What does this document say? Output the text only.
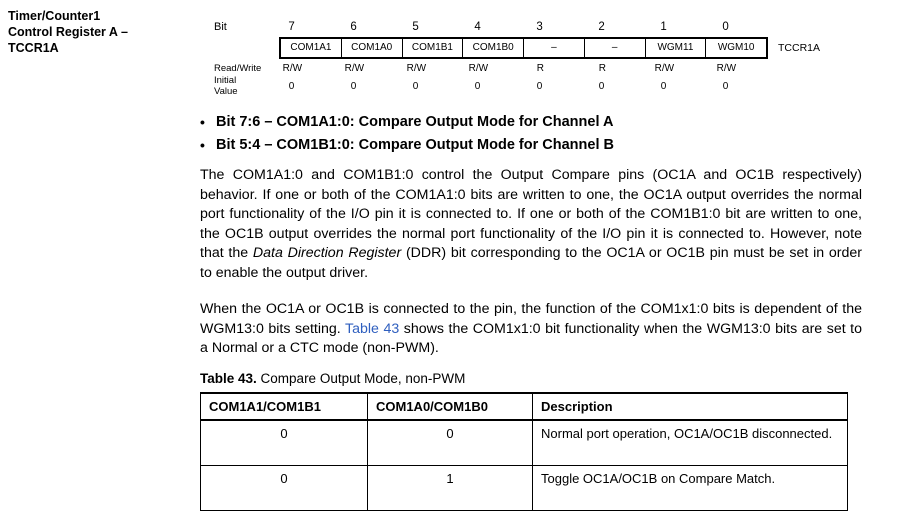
Timer/Counter1
Control Register A –
TCCR1A
Bit	7	6	5	4	3	2	1	0
COM1A1	COM1A0	COM1B1	COM1B0	–	–	WGM11	WGM10	TCCR1A
Read/Write	R/W	R/W	R/W	R/W	R	R	R/W	R/W
Initial Value	0	0	0	0	0	0	0	0
• Bit 7:6 – COM1A1:0: Compare Output Mode for Channel A
• Bit 5:4 – COM1B1:0: Compare Output Mode for Channel B
The COM1A1:0 and COM1B1:0 control the Output Compare pins (OC1A and OC1B respectively) behavior. If one or both of the COM1A1:0 bits are written to one, the OC1A output overrides the normal port functionality of the I/O pin it is connected to. If one or both of the COM1B1:0 bit are written to one, the OC1B output overrides the normal port functionality of the I/O pin it is connected to. However, note that the Data Direction Register (DDR) bit corresponding to the OC1A or OC1B pin must be set in order to enable the output driver.
When the OC1A or OC1B is connected to the pin, the function of the COM1x1:0 bits is dependent of the WGM13:0 bits setting. Table 43 shows the COM1x1:0 bit functionality when the WGM13:0 bits are set to a Normal or a CTC mode (non-PWM).
Table 43. Compare Output Mode, non-PWM
COM1A1/COM1B1	COM1A0/COM1B0	Description
0	0	Normal port operation, OC1A/OC1B disconnected.
0	1	Toggle OC1A/OC1B on Compare Match.
